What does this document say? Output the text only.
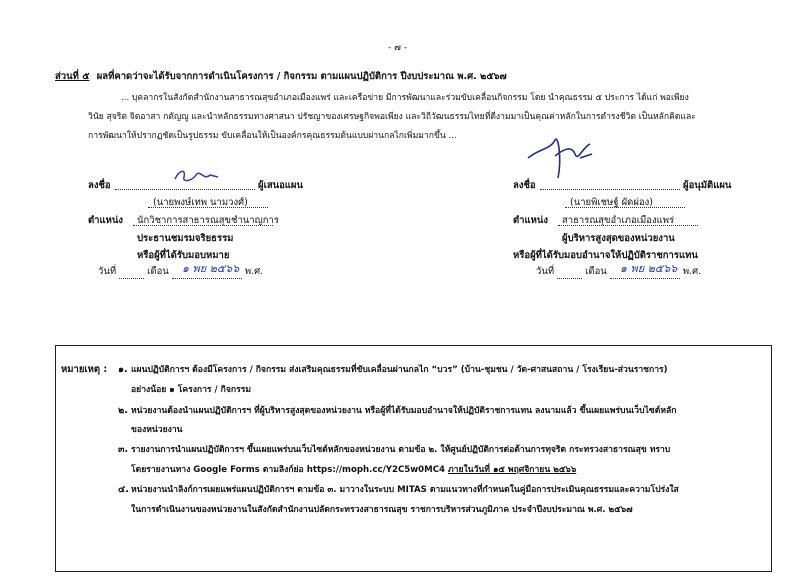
- ๗ -
ส่วนที่ ๕ ผลที่คาดว่าจะได้รับจากการดำเนินโครงการ / กิจกรรม ตามแผนปฏิบัติการ ปีงบประมาณ พ.ศ. ๒๕๖๗
... บุคลากรในสังกัดสำนักงานสาธารณสุขอำเภอเมืองแพร่ และเครือข่าย มีการพัฒนาและร่วมขับเคลื่อนกิจกรรม โดย นำคุณธรรม ๕ ประการ ได้แก่ พอเพียง
วินัย สุจริต จิตอาสา กตัญญู และนำหลักธรรมทางศาสนา ปรัชญาของเศรษฐกิจพอเพียง และวิถีวัฒนธรรมไทยที่ดีงามมาเป็นคุณค่าหลักในการดำรงชีวิต เป็นหลักคิดและ
การพัฒนาให้ปรากฏชัดเป็นรูปธรรม ขับเคลื่อนให้เป็นองค์กรคุณธรรมต้นแบบผ่านกลไกเพิ่มมากขึ้น ...
ลงชื่อ	ผู้เสนอแผน
(นายพงษ์เทพ นามวงศ์)
ตำแหน่ง นักวิชาการสาธารณสุขชำนาญการ
ประธานชมรมจริยธรรม
หรือผู้ที่ได้รับมอบหมาย
วันที่	เดือน	พ.ศ.
๑ พย ๒๕๖๖
ลงชื่อ	ผู้อนุมัติแผน
(นายพิเชษฐ์ ผัดผ่อง)
ตำแหน่ง สาธารณสุขอำเภอเมืองแพร่
ผู้บริหารสูงสุดของหน่วยงาน
หรือผู้ที่ได้รับมอบอำนาจให้ปฏิบัติราชการแทน
วันที่	เดือน	พ.ศ.
๑ พย ๒๕๖๖
หมายเหตุ : ๑. แผนปฏิบัติการฯ ต้องมีโครงการ / กิจกรรม ส่งเสริมคุณธรรมที่ขับเคลื่อนผ่านกลไก “บวร” (บ้าน-ชุมชน / วัด-ศาสนสถาน / โรงเรียน-ส่วนราชการ)
อย่างน้อย ๑ โครงการ / กิจกรรม
๒. หน่วยงานต้องนำแผนปฏิบัติการฯ ที่ผู้บริหารสูงสุดของหน่วยงาน หรือผู้ที่ได้รับมอบอำนาจให้ปฏิบัติราชการแทน ลงนามแล้ว ขึ้นเผยแพร่บนเว็บไซต์หลัก
ของหน่วยงาน
๓. รายงานการนำแผนปฏิบัติการฯ ขึ้นเผยแพร่บนเว็บไซต์หลักของหน่วยงาน ตามข้อ ๒. ให้ศูนย์ปฏิบัติการต่อต้านการทุจริต กระทรวงสาธารณสุข ทราบ
โดยรายงานทาง Google Forms ตามลิงก์ย่อ https://moph.cc/Y2C5w0MC4 ภายในวันที่ ๑๕ พฤศจิกายน ๒๕๖๖
๔. หน่วยงานนำลิงก์การเผยแพร่แผนปฏิบัติการฯ ตามข้อ ๓. มาวางในระบบ MITAS ตามแนวทางที่กำหนดในคู่มือการประเมินคุณธรรมและความโปร่งใส
ในการดำเนินงานของหน่วยงานในสังกัดสำนักงานปลัดกระทรวงสาธารณสุข ราชการบริหารส่วนภูมิภาค ประจำปีงบประมาณ พ.ศ. ๒๕๖๗
